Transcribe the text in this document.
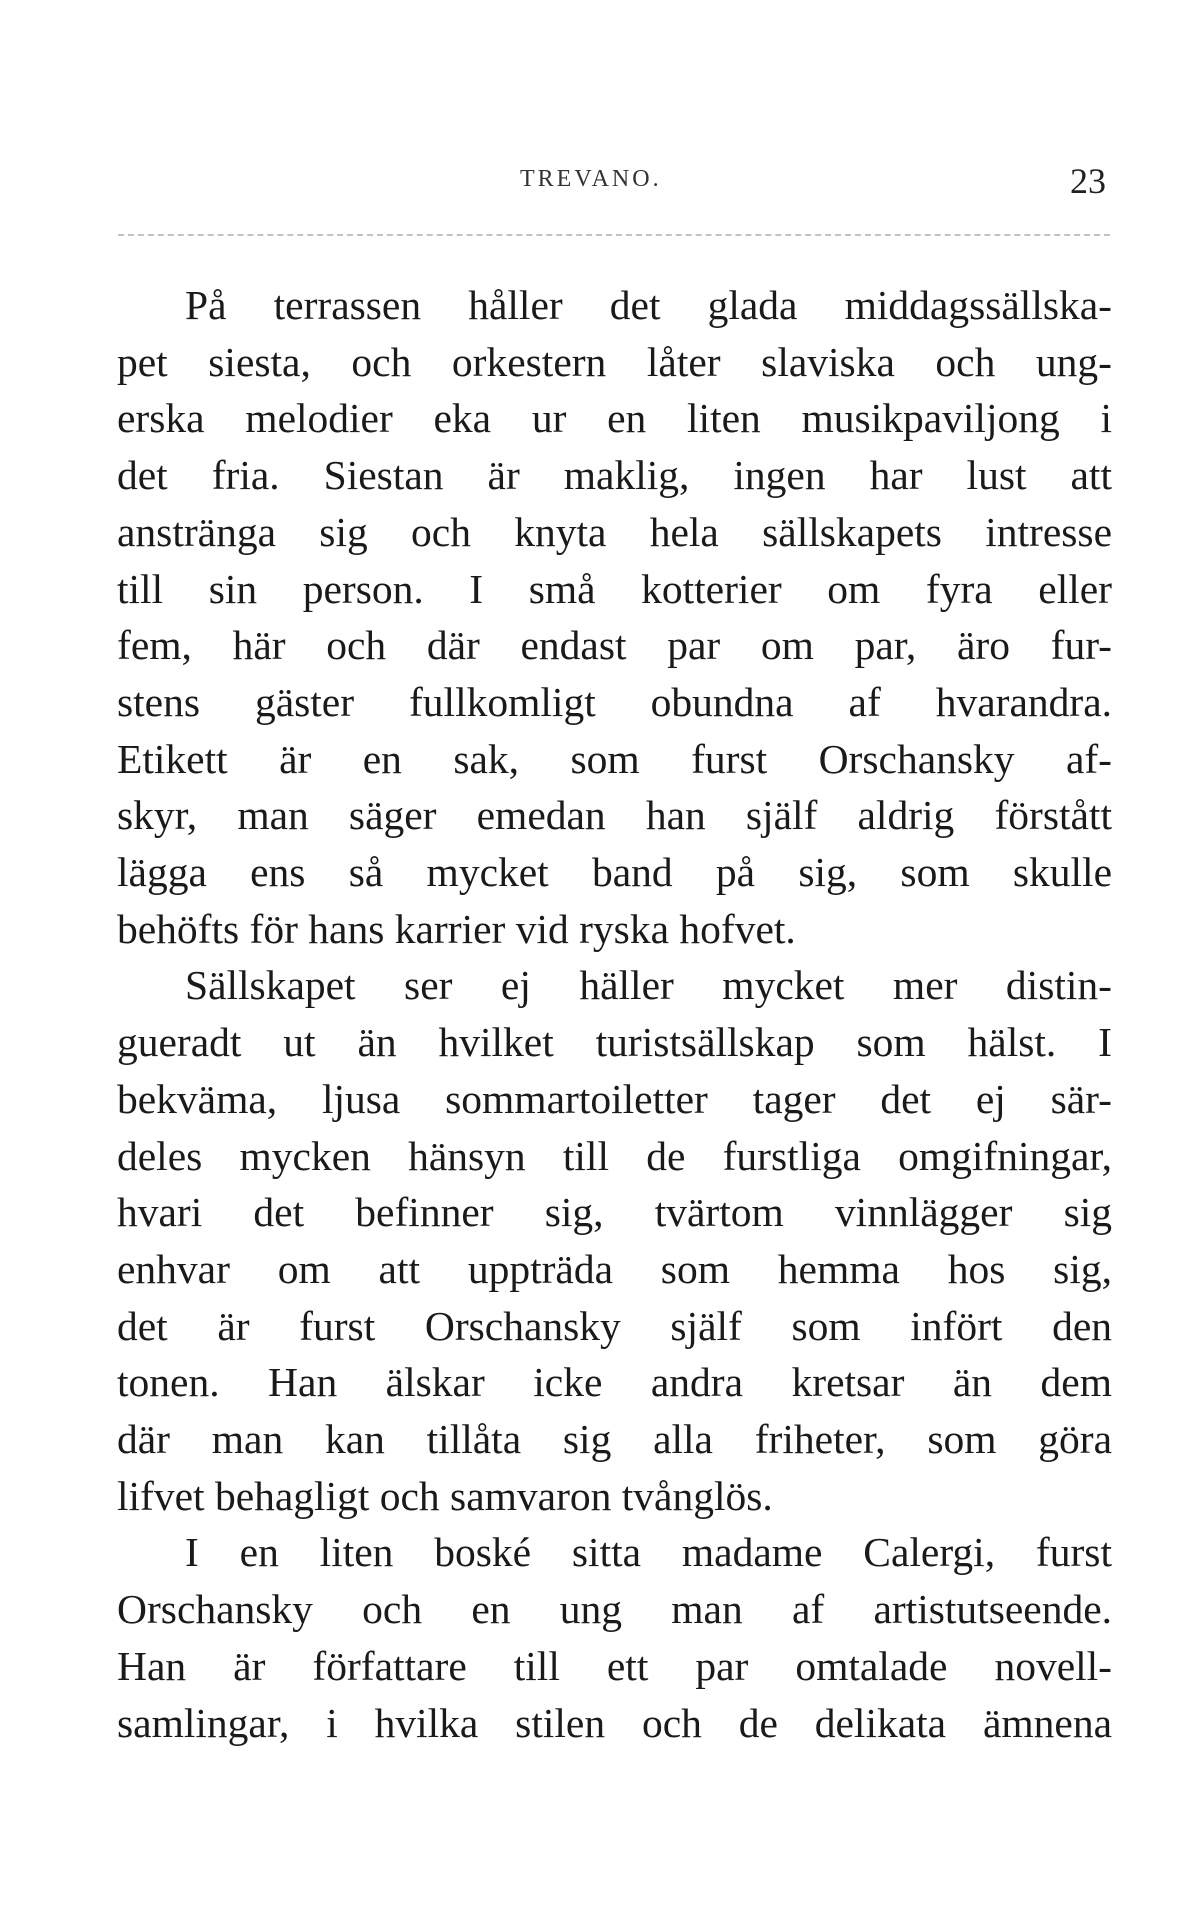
TREVANO.	23
På terrassen håller det glada middagssällska-
pet siesta, och orkestern låter slaviska och ung-
erska melodier eka ur en liten musikpaviljong i
det fria. Siestan är maklig, ingen har lust att
anstränga sig och knyta hela sällskapets intresse
till sin person. I små kotterier om fyra eller
fem, här och där endast par om par, äro fur-
stens gäster fullkomligt obundna af hvarandra.
Etikett är en sak, som furst Orschansky af-
skyr, man säger emedan han själf aldrig förstått
lägga ens så mycket band på sig, som skulle
behöfts för hans karrier vid ryska hofvet.
Sällskapet ser ej häller mycket mer distin-
gueradt ut än hvilket turistsällskap som hälst. I
bekväma, ljusa sommartoiletter tager det ej sär-
deles mycken hänsyn till de furstliga omgifningar,
hvari det befinner sig, tvärtom vinnlägger sig
enhvar om att uppträda som hemma hos sig,
det är furst Orschansky själf som infört den
tonen. Han älskar icke andra kretsar än dem
där man kan tillåta sig alla friheter, som göra
lifvet behagligt och samvaron tvånglös.
I en liten boské sitta madame Calergi, furst
Orschansky och en ung man af artistutseende.
Han är författare till ett par omtalade novell-
samlingar, i hvilka stilen och de delikata ämnena
